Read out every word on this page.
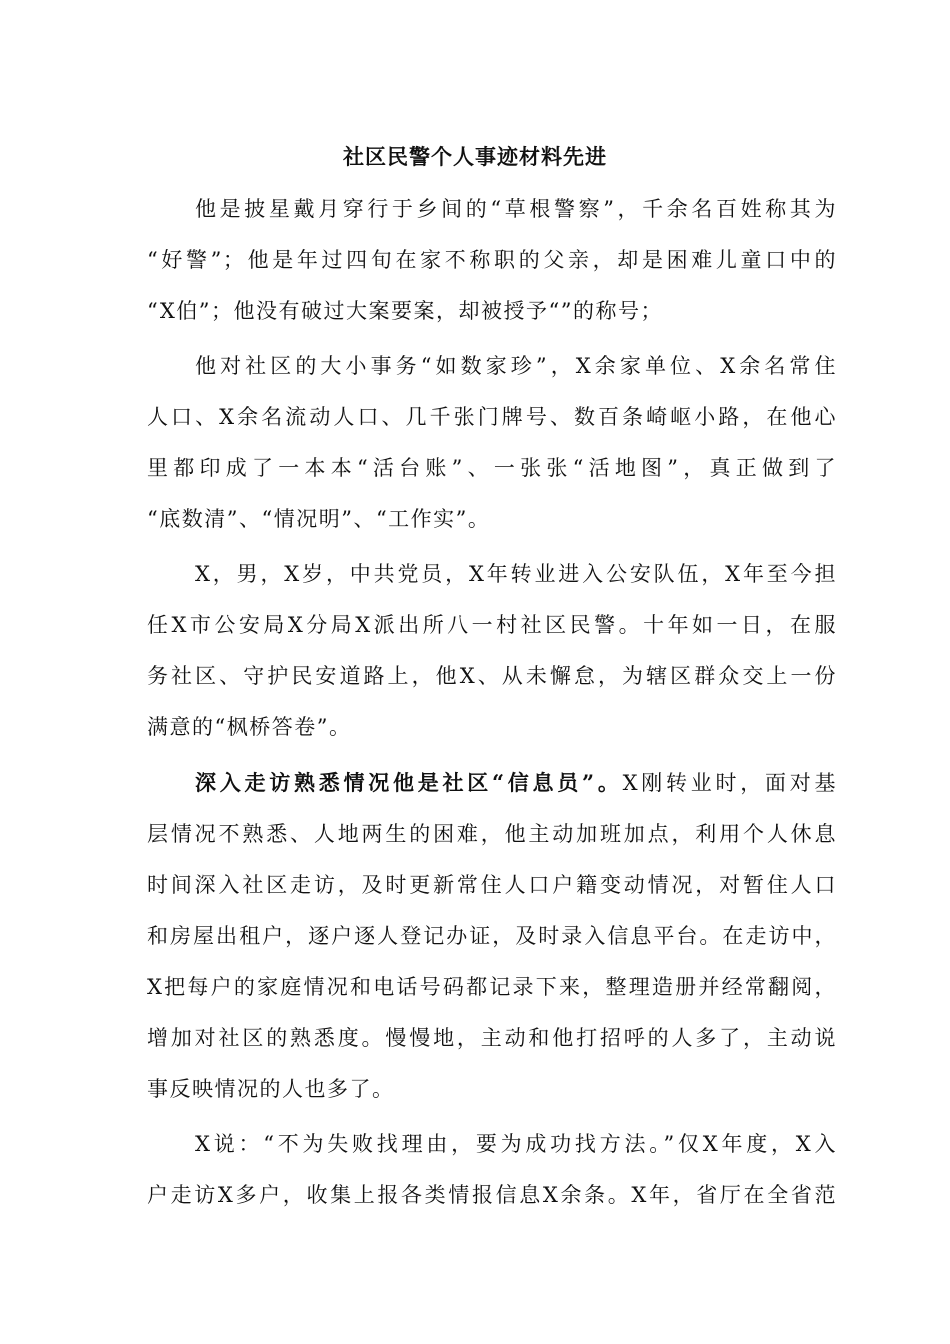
社区民警个人事迹材料先进
他是披星戴月穿行于乡间的“草根警察”，千余名百姓称其为
“好警”；他是年过四旬在家不称职的父亲，却是困难儿童口中的
“X伯”；他没有破过大案要案，却被授予“”的称号；
他对社区的大小事务“如数家珍”，X余家单位、X余名常住
人口、X余名流动人口、几千张门牌号、数百条崎岖小路，在他心
里都印成了一本本“活台账”、一张张“活地图”，真正做到了
“底数清”、“情况明”、“工作实”。
X，男，X岁，中共党员，X年转业进入公安队伍，X年至今担
任X市公安局X分局X派出所八一村社区民警。十年如一日，在服
务社区、守护民安道路上，他X、从未懈怠，为辖区群众交上一份
满意的“枫桥答卷”。
深入走访熟悉情况他是社区“信息员”。X刚转业时，面对基
层情况不熟悉、人地两生的困难，他主动加班加点，利用个人休息
时间深入社区走访，及时更新常住人口户籍变动情况，对暂住人口
和房屋出租户，逐户逐人登记办证，及时录入信息平台。在走访中，
X把每户的家庭情况和电话号码都记录下来，整理造册并经常翻阅，
增加对社区的熟悉度。慢慢地，主动和他打招呼的人多了，主动说
事反映情况的人也多了。
X说：“不为失败找理由，要为成功找方法。”仅X年度，X入
户走访X多户，收集上报各类情报信息X余条。X年，省厅在全省范
